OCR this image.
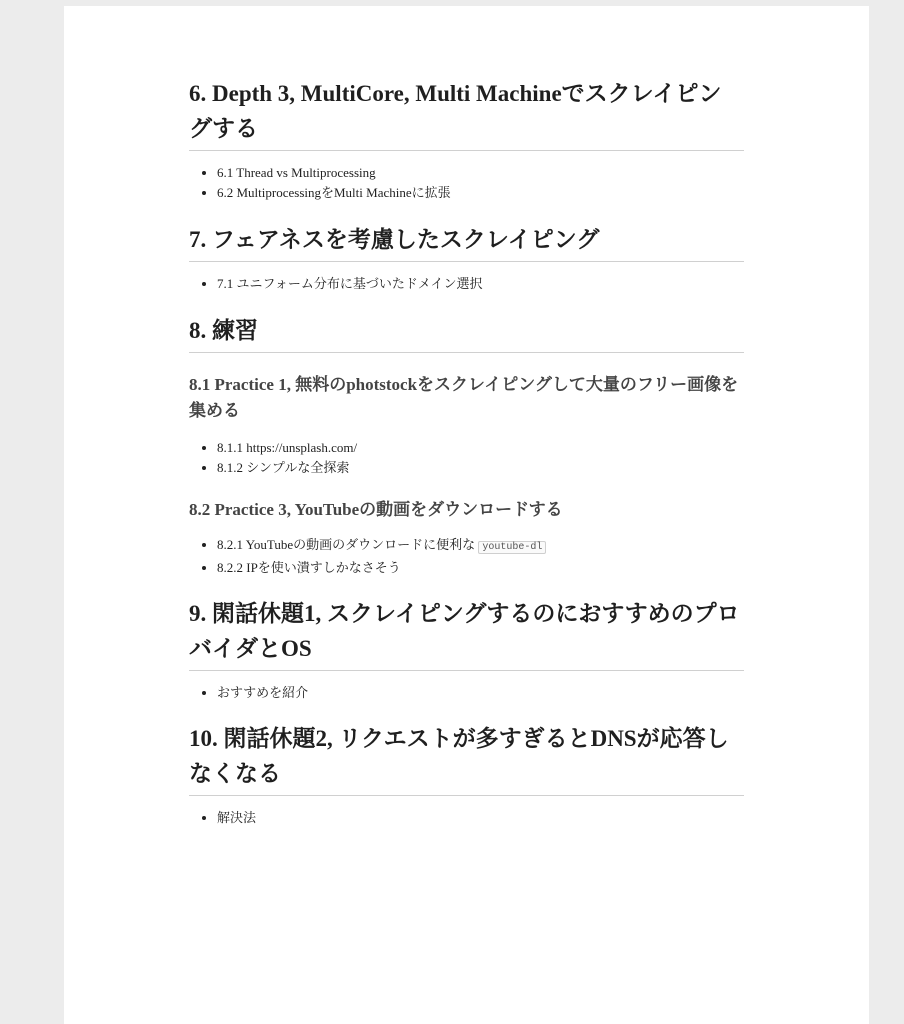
6. Depth 3, MultiCore, Multi Machineでスクレイピングする
• 6.1 Thread vs Multiprocessing
• 6.2 MultiprocessingをMulti Machineに拡張
7. フェアネスを考慮したスクレイピング
• 7.1 ユニフォーム分布に基づいたドメイン選択
8. 練習
8.1 Practice 1, 無料のphotstockをスクレイピングして大量のフリー画像を集める
• 8.1.1 https://unsplash.com/
• 8.1.2 シンプルな全探索
8.2 Practice 3, YouTubeの動画をダウンロードする
• 8.2.1 YouTubeの動画のダウンロードに便利な youtube-dl
• 8.2.2 IPを使い潰すしかなさそう
9. 閑話休題1, スクレイピングするのにおすすめのプロバイダとOS
• おすすめを紹介
10. 閑話休題2, リクエストが多すぎるとDNSが応答しなくなる
• 解決法
